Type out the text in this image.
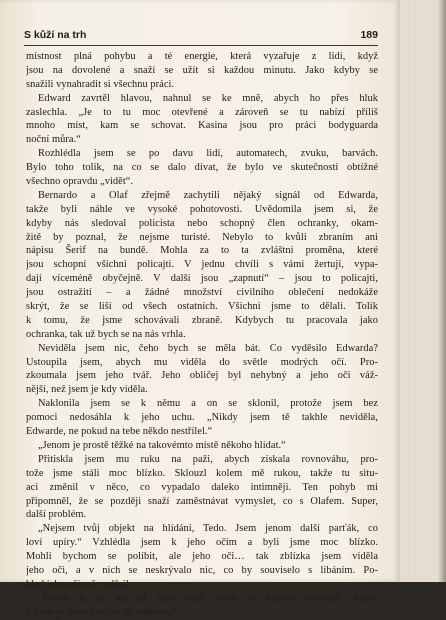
S kůží na trh	189
místnost plná pohybu a té energie, která vyzařuje z lidí, když
jsou na dovolené a snaží se užít si každou minutu. Jako kdyby se
snažili vynahradit si všechnu práci.
Edward zavrtěl hlavou, nahnul se ke mně, abych ho přes hluk
zaslechla. „Je to tu moc otevřené a zároveň se tu nabízí příliš
mnoho míst, kam se schovat. Kasina jsou pro práci bodyguarda
noční můra.“
Rozhlédla jsem se po davu lidí, automatech, zvuku, barvách.
Bylo toho tolik, na co se dalo dívat, že bylo ve skutečnosti obtížné
všechno opravdu „vidět“.
Bernardo a Olaf zřejmě zachytili nějaký signál od Edwarda,
takže byli náhle ve vysoké pohotovosti. Uvědomila jsem si, že
kdyby nás sledoval policista nebo schopný člen ochranky, okam-
žitě by poznal, že nejsme turisté. Nebylo to kvůli zbraním ani
nápisu Šerif na bundě. Mohla za to ta zvláštní proměna, které
jsou schopní všichni policajti. V jednu chvíli s vámi žertují, vypa-
dají víceméně obyčejně. V další jsou „zapnutí“ – jsou to policajti,
jsou ostražití – a žádné množství civilního oblečení nedokáže
skrýt, že se liší od všech ostatních. Všichni jsme to dělali. Tolik
k tomu, že jsme schovávali zbraně. Kdybych tu pracovala jako
ochranka, tak už bych se na nás vrhla.
Neviděla jsem nic, čeho bych se měla bát. Co vyděsilo Edwarda?
Ustoupila jsem, abych mu viděla do světle modrých očí. Pro-
zkoumala jsem jeho tvář. Jeho obličej byl nehybný a jeho oči váž-
nější, než jsem je kdy viděla.
Naklonila jsem se k němu a on se sklonil, protože jsem bez
pomoci nedosáhla k jeho uchu. „Nikdy jsem tě takhle neviděla,
Edwarde, ne pokud na tebe někdo nestřílel.“
„Jenom je prostě těžké na takovémto místě někoho hlídat.“
Přitiskla jsem mu ruku na paži, abych získala rovnováhu, pro-
tože jsme stáli moc blízko. Sklouzl kolem mě rukou, takže tu situ-
aci změnil v něco, co vypadalo daleko intimněji. Ten pohyb mi
připomněl, že se později snaží zaměstnávat vymyslet, co s Olafem. Super,
další problém.
„Nejsem tvůj objekt na hlídání, Tedo. Jsem jenom další parťák, co
loví upíry.“ Vzhlédla jsem k jeho očím a byli jsme moc blízko.
Mohli bychom se políbit, ale jeho oči… tak zblízka jsem viděla
jeho oči, a v nich se neskrývalo nic, co by souviselo s líbáním. Po-
hled jeho očí mě vyděsil.
„Prostě je tu jen až moc věcí, které se můžou zvrtnout, Anito,
a tohle je děsivé místo na ochranu.“
